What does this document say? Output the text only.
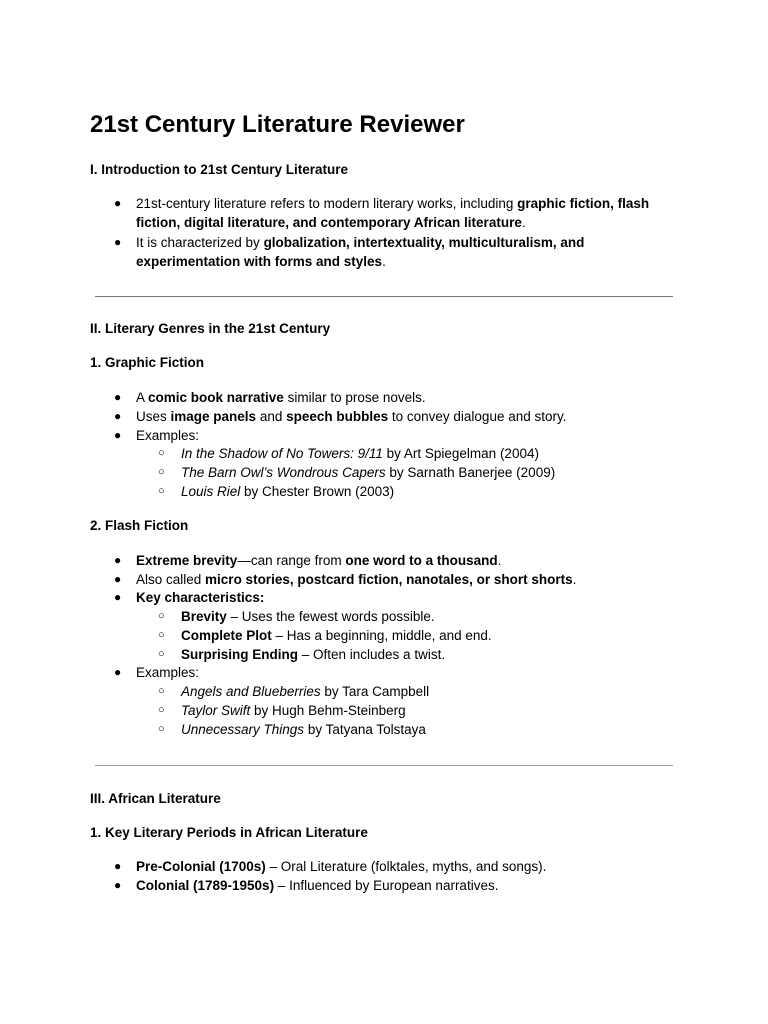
21st Century Literature Reviewer

I. Introduction to 21st Century Literature

● 21st-century literature refers to modern literary works, including graphic fiction, flash fiction, digital literature, and contemporary African literature.

● It is characterized by globalization, intertextuality, multiculturalism, and experimentation with forms and styles.

II. Literary Genres in the 21st Century

1. Graphic Fiction

● A comic book narrative similar to prose novels.

● Uses image panels and speech bubbles to convey dialogue and story.

● Examples:

○ In the Shadow of No Towers: 9/11 by Art Spiegelman (2004)

○ The Barn Owl’s Wondrous Capers by Sarnath Banerjee (2009)

○ Louis Riel by Chester Brown (2003)

2. Flash Fiction

● Extreme brevity—can range from one word to a thousand.

● Also called micro stories, postcard fiction, nanotales, or short shorts.

● Key characteristics:

○ Brevity – Uses the fewest words possible.

○ Complete Plot – Has a beginning, middle, and end.

○ Surprising Ending – Often includes a twist.

● Examples:

○ Angels and Blueberries by Tara Campbell

○ Taylor Swift by Hugh Behm-Steinberg

○ Unnecessary Things by Tatyana Tolstaya

III. African Literature

1. Key Literary Periods in African Literature

● Pre-Colonial (1700s) – Oral Literature (folktales, myths, and songs).

● Colonial (1789-1950s) – Influenced by European narratives.
